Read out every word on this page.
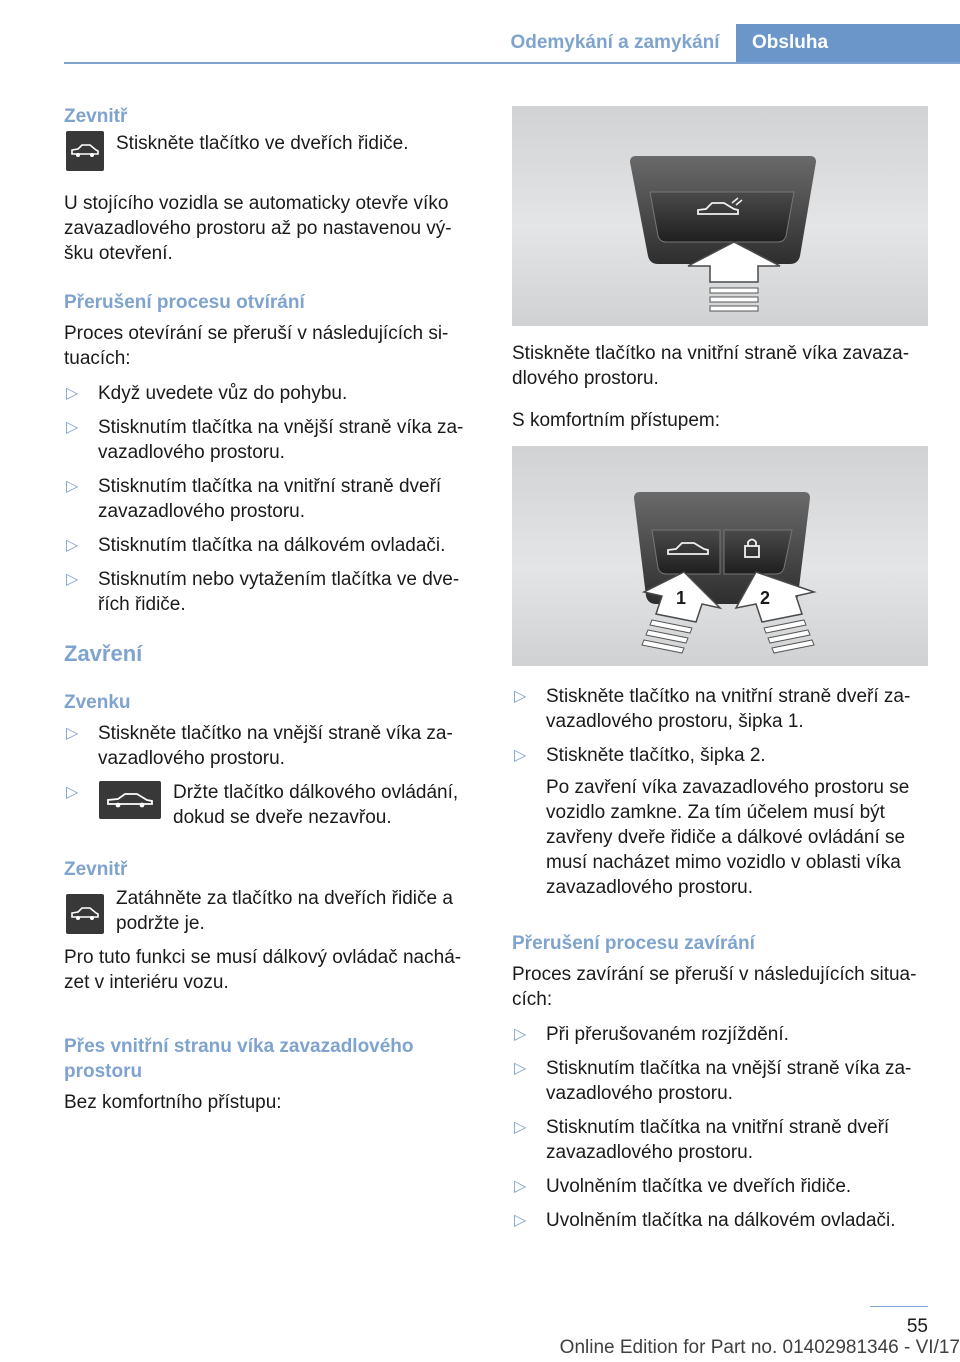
Odemykání a zamykání	Obsluha
Zevnitř
Stiskněte tlačítko ve dveřích řidiče.
U stojícího vozidla se automaticky otevře víko
zavazadlového prostoru až po nastavenou vý‐
šku otevření.
Přerušení procesu otvírání
Proces otevírání se přeruší v následujících si‐
tuacích:
▷ Když uvedete vůz do pohybu.
▷ Stisknutím tlačítka na vnější straně víka za‐
vazadlového prostoru.
▷ Stisknutím tlačítka na vnitřní straně dveří
zavazadlového prostoru.
▷ Stisknutím tlačítka na dálkovém ovladači.
▷ Stisknutím nebo vytažením tlačítka ve dve‐
řích řidiče.
Zavření
Zvenku
▷ Stiskněte tlačítko na vnější straně víka za‐
vazadlového prostoru.
▷	Držte tlačítko dálkového ovládání,
dokud se dveře nezavřou.
Zevnitř
Zatáhněte za tlačítko na dveřích řidiče a
podržte je.
Pro tuto funkci se musí dálkový ovládač nachá‐
zet v interiéru vozu.
Přes vnitřní stranu víka zavazadlového
prostoru
Bez komfortního přístupu:
Stiskněte tlačítko na vnitřní straně víka zavaza‐
dlového prostoru.
S komfortním přístupem:
1	2
▷ Stiskněte tlačítko na vnitřní straně dveří za‐
vazadlového prostoru, šipka 1.
▷ Stiskněte tlačítko, šipka 2.
Po zavření víka zavazadlového prostoru se
vozidlo zamkne. Za tím účelem musí být
zavřeny dveře řidiče a dálkové ovládání se
musí nacházet mimo vozidlo v oblasti víka
zavazadlového prostoru.
Přerušení procesu zavírání
Proces zavírání se přeruší v následujících situa‐
cích:
▷ Při přerušovaném rozjíždění.
▷ Stisknutím tlačítka na vnější straně víka za‐
vazadlového prostoru.
▷ Stisknutím tlačítka na vnitřní straně dveří
zavazadlového prostoru.
▷ Uvolněním tlačítka ve dveřích řidiče.
▷ Uvolněním tlačítka na dálkovém ovladači.
55
Online Edition for Part no. 01402981346 - VI/17
